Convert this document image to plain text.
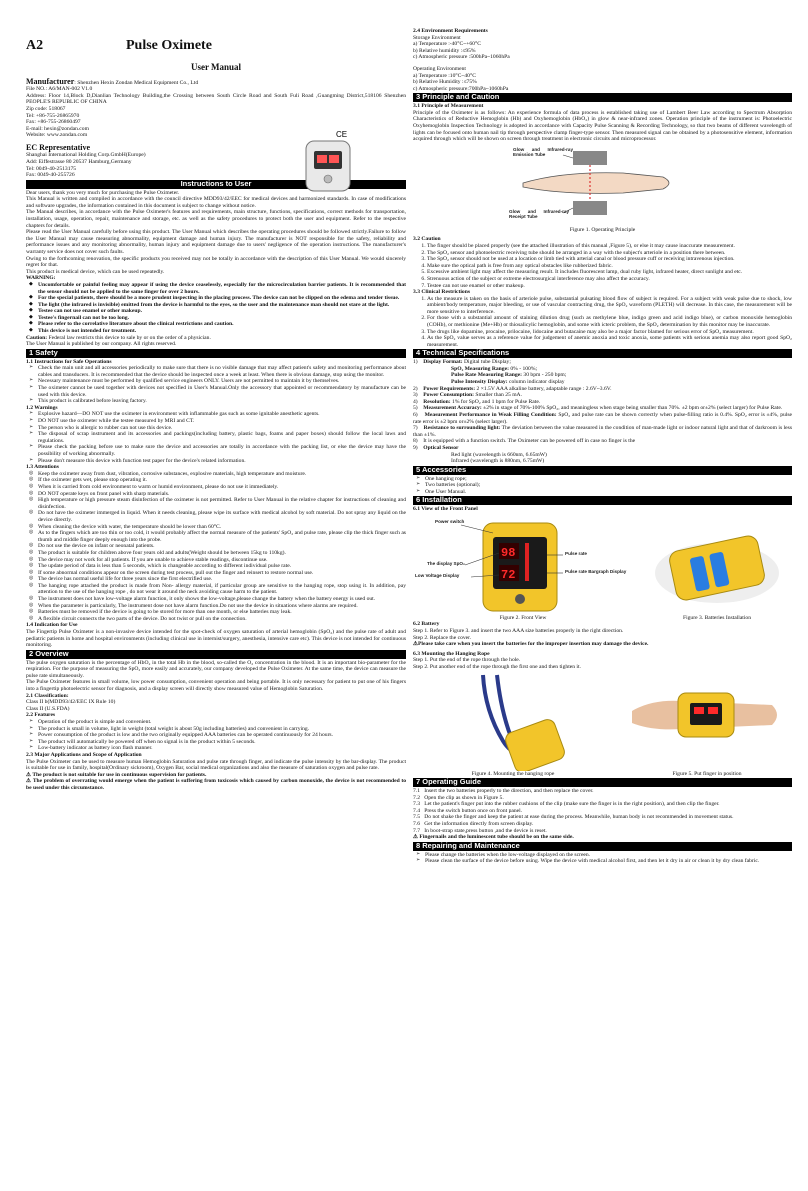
A2	Pulse Oximete
User Manual

Manufacturer: Shenzhen Hexin Zondan Medical Equipment Co., Ltd

File NO.: A6/MAN-002 V1.0

Address: Floor 14,Block D,Dianlian Technology Building,the Crossing between South Circle Road and South Fuli Road ,Guangming District,518106 Shenzhen PEOPLE'S REPUBLIC OF CHINA

Zip code: 518067

Tel: +86-755-26865970

Fax: +86-755-26860497

E-mail: hexin@zondan.com

Website: www.zondan.com	CE
EC Representative

Shanghai International Holding Corp.GmbH(Europe)

Add: Eiffestrasse 80 20537 Hamburg,Germany

Tel: 0049-40-2513175

Fax: 0049-40-255726

Instructions to User

Dear users, thank you very much for purchasing the Pulse Oximeter.

This Manual is written and compiled in accordance with the council directive MDD93/42/EEC for medical devices and harmonized standards. In case of modifications and software upgrades, the information contained in this document is subject to change without notice.

The Manual describes, in accordance with the Pulse Oximeter's features and requirements, main structure, functions, specifications, correct methods for transportation, installation, usage, operation, repair, maintenance and storage, etc. as well as the safety procedures to protect both the user and equipment. Refer to the respective chapters for details.

Please read the User Manual carefully before using this product. The User Manual which describes the operating procedures should be followed strictly.Failure to follow the User Manual may cause measuring abnormality, equipment damage and human injury. The manufacturer is NOT responsible for the safety, reliability and performance issues and any monitoring abnormality, human injury and equipment damage due to users' negligence of the operation instructions. The manufacturer's warranty service does not cover such faults.

Owing to the forthcoming renovation, the specific products you received may not be totally in accordance with the description of this User Manual. We would sincerely regret for that.

This product is medical device, which can be used repeatedly.

WARNING:

◆ Uncomfortable or painful feeling may appear if using the device ceaselessly, especially for the microcirculation barrier patients. It is recommended that the sensor should not be applied to the same finger for over 2 hours.
◆ For the special patients, there should be a more prudent inspecting in the placing process. The device can not be clipped on the edema and tender tissue.
◆ The light (the infrared is invisible) emitted from the device is harmful to the eyes, so the user and the maintenance man should not stare at the light.
◆ Testee can not use enamel or other makeup.
◆ Testee's fingernail can not be too long.
◆ Please refer to the correlative literature about the clinical restrictions and caution.
◆ This device is not intended for treatment.

Caution: Federal law restricts this device to sale by or on the order of a physician.

The User Manual is published by our company. All rights reserved.

1 Safety

1.1 Instructions for Safe Operations

➢ Check the main unit and all accessories periodically to make sure that there is no visible damage that may affect patient's safety and monitoring performance about cables and transducers. It is recommended that the device should be inspected once a week at least. When there is obvious damage, stop using the monitor.
➢ Necessary maintenance must be performed by qualified service engineers ONLY. Users are not permitted to maintain it by themselves.
➢ The oximeter cannot be used together with devices not specified in User's Manual.Only the accessory that appointed or recommendatory by manufacture can be used with this device.
➢ This product is calibrated before leaving factory.

1.2 Warnings

➢ Explosive hazard—DO NOT use the oximeter in environment with inflammable gas such as some ignitable anesthetic agents.
➢ DO NOT use the oximeter while the testee measured by MRI and CT.
➢ The person who is allergic to rubber can not use this device.
➢ The disposal of scrap instrument and its accessories and packings(including battery, plastic bags, foams and paper boxes) should follow the local laws and regulations.
➢ Please check the packing before use to make sure the device and accessories are totally in accordance with the packing list, or else the device may have the possibility of working abnormally.
➢ Please don't measure this device with function test paper for the device's related information.

1.3 Attentions

◎ Keep the oximeter away from dust, vibration, corrosive substances, explosive materials, high temperature and moisture.
◎ If the oximeter gets wet, please stop operating it.
◎ When it is carried from cold environment to warm or humid environment, please do not use it immediately.
◎ DO NOT operate keys on front panel with sharp materials.
◎ High temperature or high pressure steam disinfection of the oximeter is not permitted. Refer to User Manual in the relative chapter for instructions of cleaning and disinfection.
◎ Do not have the oximeter immerged in liquid. When it needs cleaning, please wipe its surface with medical alcohol by soft material. Do not spray any liquid on the device directly.
◎ When cleaning the device with water, the temperature should be lower than 60°C.
◎ As to the fingers which are too thin or too cold, it would probably affect the normal measure of the patients' SpO₂ and pulse rate, please clip the thick finger such as thumb and middle finger deeply enough into the probe.
◎ Do not use the device on infant or neonatal patients.
◎ The product is suitable for children above four years old and adults(Weight should be between 15kg to 110kg).
◎ The device may not work for all patients. If you are unable to achieve stable readings, discontinue use.
◎ The update period of data is less than 5 seconds, which is changeable according to different individual pulse rate.
◎ If some abnormal conditions appear on the screen during test process, pull out the finger and reinsert to restore normal use.
◎ The device has normal useful life for three years since the first electrified use.
◎ The hanging rope attached the product is made from Non- allergy material, if particular group are sensitive to the hanging rope, stop using it. In addition, pay attention to the use of the hanging rope , do not wear it around the neck avoiding cause harm to the patient.
◎ The instrument does not have low-voltage alarm function, it only shows the low-voltage,please change the battery when the battery energy is used out.
◎ When the parameter is particularly, The instrument dose not have alarm function.Do not use the device in situations where alarms are required.
◎ Batteries must be removed if the device is going to be stored for more than one month, or else batteries may leak.
◎ A flexible circuit connects the two parts of the device. Do not twist or pull on the connection.

1.4 Indication for Use

The Fingertip Pulse Oximeter is a non-invasive device intended for the spot-check of oxygen saturation of arterial hemoglobin (SpO₂) and the pulse rate of adult and pediatric patients in home and hospital environments (including clinical use in internist/surgery, anesthesia, intensive care etc). This device is not intended for continuous monitoring.

2 Overview

The pulse oxygen saturation is the percentage of HbO₂ in the total Hb in the blood, so-called the O₂ concentration in the blood. It is an important bio-parameter for the respiration. For the purpose of measuring the SpO₂ more easily and accurately, our company developed the Pulse Oximeter. At the same time, the device can measure the pulse rate simultaneously.

The Pulse Oximeter features in small volume, low power consumption, convenient operation and being portable. It is only necessary for patient to put one of his fingers into a fingertip photoelectric sensor for diagnosis, and a display screen will directly show measured value of Hemoglobin Saturation.

2.1 Classification:

Class II b(MDD93/42/EEC IX Rule 10)

Class II (U.S.FDA)

2.2 Features

➢ Operation of the product is simple and convenient.
➢ The product is small in volume, light in weight (total weight is about 50g including batteries) and convenient in carrying.
➢ Power consumption of the product is low and the two originally equipped AAA batteries can be operated continuously for 24 hours.
➢ The product will automatically be powered off when no signal is in the product within 5 seconds.
➢ Low-battery indicator as battery icon flash manner.

2.3 Major Applications and Scope of Application

The Pulse Oximeter can be used to measure human Hemoglobin Saturation and pulse rate through finger, and indicate the pulse intensity by the bar-display. The product is suitable for use in family, hospital(Ordinary sickroom), Oxygen Bar, social medical organizations and also the measure of saturation oxygen and pulse rate.

⚠ The product is not suitable for use in continuous supervision for patients.

⚠ The problem of overrating would emerge when the patient is suffering from toxicosis which caused by carbon monoxide, the device is not recommended to be used under this circumstance.

2.4 Environment Requirements

Storage Environment

a) Temperature :-40°C~+60°C

b) Relative humidity :≤95%

c) Atmospheric pressure :500hPa~1060hPa

Operating Environment

a) Temperature :10°C~40°C

b) Relative Humidity :≤75%

c) Atmospheric pressure:700hPa~1060hPa

3 Principle and Caution

3.1 Principle of Measurement

Principle of the Oximeter is as follows: An experience formula of data process is established taking use of Lambert Beer Law according to Spectrum Absorption Characteristics of Reductive Hemoglobin (Hb) and Oxyhemoglobin (HbO₂) in glow & near-infrared zones. Operation principle of the instrument is: Photoelectric Oxyhemoglobin Inspection Technology is adopted in accordance with Capacity Pulse Scanning & Recording Technology, so that two beams of different wavelength of lights can be focused onto human nail tip through perspective clamp finger-type sensor. Then measured signal can be obtained by a photosensitive element, information acquired through which will be shown on screen through treatment in electronic circuits and microprocessor.

Glow and Infrared-ray Emission Tube
Glow and Infrared-ray Receipt Tube

Figure 1. Operating Principle

3.2 Caution

1. The finger should be placed properly (see the attached illustration of this manual ,Figure 5), or else it may cause inaccurate measurement.
2. The SpO₂ sensor and photoelectric receiving tube should be arranged in a way with the subject's arteriole in a position there between.
3. The SpO₂ sensor should not be used at a location or limb tied with arterial canal or blood pressure cuff or receiving intravenous injection.
4. Make sure the optical path is free from any optical obstacles like rubberized fabric.
5. Excessive ambient light may affect the measuring result. It includes fluorescent lamp, dual ruby light, infrared heater, direct sunlight and etc.
6. Strenuous action of the subject or extreme electrosurgical interference may also affect the accuracy.
7. Testee can not use enamel or other makeup.

3.3 Clinical Restrictions

1. As the measure is taken on the basis of arteriole pulse, substantial pulsating blood flow of subject is required. For a subject with weak pulse due to shock, low ambient/body temperature, major bleeding, or use of vascular contracting drug, the SpO₂ waveform (PLETH) will decrease. In this case, the measurement will be more sensitive to interference.
2. For those with a substantial amount of staining dilution drug (such as methylene blue, indigo green and acid indigo blue), or carbon monoxide hemoglobin (COHb), or methionine (Me+Hb) or thiosalicylic hemoglobin, and some with icteric problem, the SpO₂ determination by this monitor may be inaccurate.
3. The drugs like dopamine, procaine, prilocaine, lidocaine and butacaine may also be a major factor blamed for serious error of SpO₂ measurement.
4. As the SpO₂ value serves as a reference value for judgement of anemic anoxia and toxic anoxia, some patients with serious anemia may also report good SpO₂ measurement.
4 Technical Specifications

1) Display Format: Digital tube Display;

SpO₂ Measuring Range: 0% - 100%;

Pulse Rate Measuring Range: 30 bpm - 250 bpm;

Pulse Intensity Display: column indicator display

2) Power Requirements: 2 ×1.5V AAA alkaline battery, adaptable range : 2.6V~3.6V.

3) Power Consumption: Smaller than 25 mA.

4) Resolution: 1% for SpO₂ and 1 bpm for Pulse Rate.

5) Measurement Accuracy: ±2% in stage of 70%-100% SpO₂, and meaningless when stage being smaller than 70%. ±2 bpm or±2% (select larger) for Pulse Rate.

6) Measurement Performance in Weak Filling Condition: SpO₂ and pulse rate can be shown correctly when pulse-filling ratio is 0.4%. SpO₂ error is ±4%, pulse rate error is ±2 bpm or±2% (select larger).

7) Resistance to surrounding light: The deviation between the value measured in the condition of man-made light or indoor natural light and that of darkroom is less than ±1%.

8) It is equipped with a function switch. The Oximeter can be powered off in case no finger is the

9) Optical Sensor

Red light (wavelength is 660nm, 6.65mW)

Infrared (wavelength is 880nm, 6.75mW)

5 Accessories
➢ One hanging rope;
➢ Two batteries (optional);
➢ One User Manual.
6 Installation

6.1 View of the Front Panel

98
72
Power switch
The display SpO₂
Low Voltage Display
Pulse rate
Pulse rate Bargraph Display

Figure 2. Front View	Figure 3. Batteries Installation

6.2 Battery

Step 1. Refer to Figure 3. and insert the two AAA size batteries properly in the right direction.

Step 2. Replace the cover.

⚠Please take care when you insert the batteries for the improper insertion may damage the device.

6.3 Mounting the Hanging Rope

Step 1. Put the end of the rope through the hole.

Step 2. Put another end of the rope through the first one and then tighten it.

Figure 4. Mounting the hanging rope	Figure 5. Put finger in position

7 Operating Guide

7.1 Insert the two batteries properly to the direction, and then replace the cover.

7.2 Open the clip as shown in Figure 5.

7.3 Let the patient's finger put into the rubber cushions of the clip (make sure the finger is in the right position), and then clip the finger.

7.4 Press the switch button once on front panel.

7.5 Do not shake the finger and keep the patient at ease during the process. Meanwhile, human body is not recommended in movement status.

7.6 Get the information directly from screen display.

7.7 In boot-strap state,press button ,and the device is reset.

⚠ Fingernails and the luminescent tube should be on the same side.

8 Repairing and Maintenance
➢ Please change the batteries when the low-voltage displayed on the screen.
➢ Please clean the surface of the device before using. Wipe the device with medical alcohol first, and then let it dry in air or clean it by dry clean fabric.
